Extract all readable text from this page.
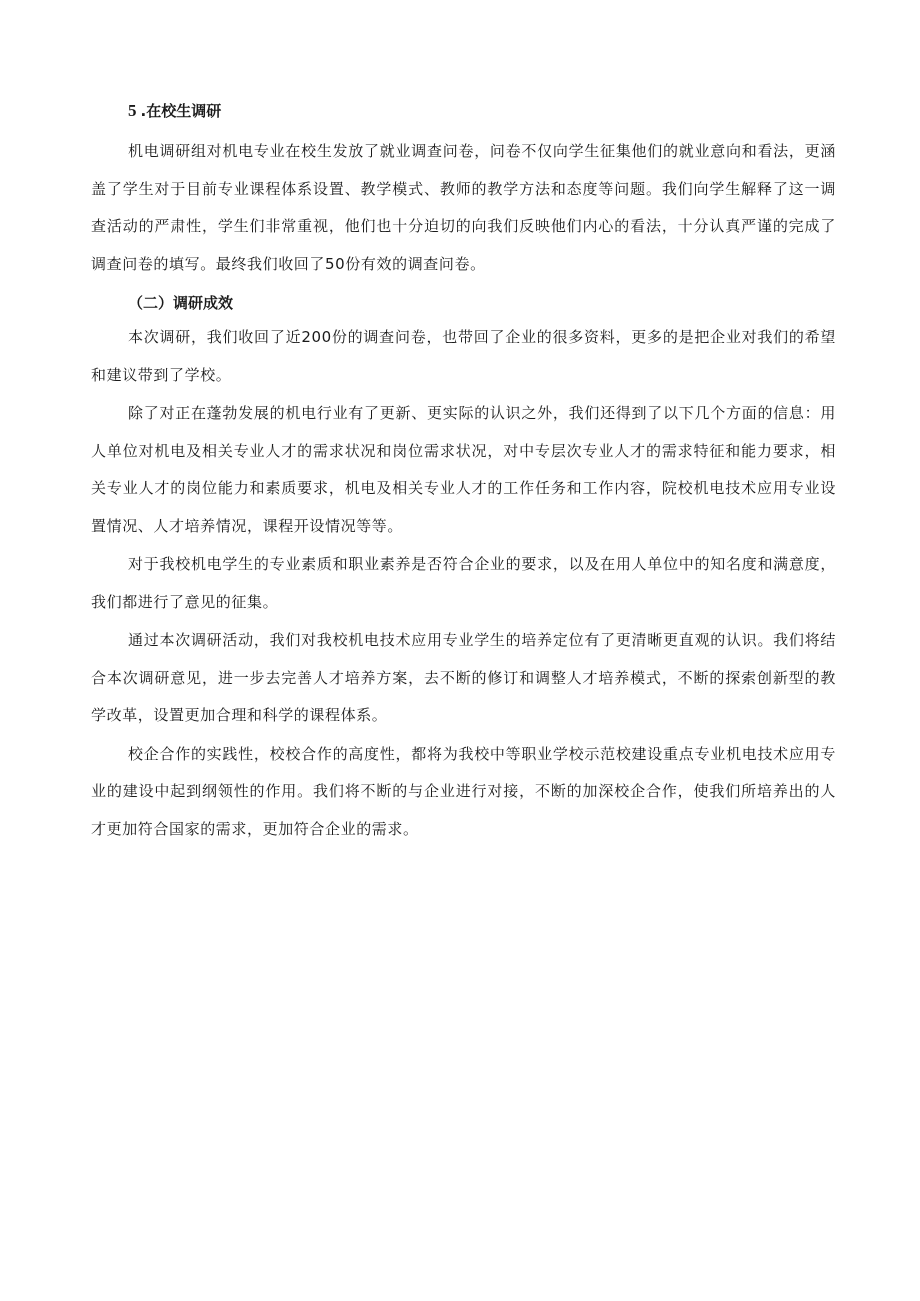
5 .在校生调研

机电调研组对机电专业在校生发放了就业调查问卷，问卷不仅向学生征集他们的就业意向和看法，更涵盖了学生对于目前专业课程体系设置、教学模式、教师的教学方法和态度等问题。我们向学生解释了这一调查活动的严肃性，学生们非常重视，他们也十分迫切的向我们反映他们内心的看法，十分认真严谨的完成了调查问卷的填写。最终我们收回了50份有效的调查问卷。

（二）调研成效

本次调研，我们收回了近200份的调查问卷，也带回了企业的很多资料，更多的是把企业对我们的希望和建议带到了学校。

除了对正在蓬勃发展的机电行业有了更新、更实际的认识之外，我们还得到了以下几个方面的信息：用人单位对机电及相关专业人才的需求状况和岗位需求状况，对中专层次专业人才的需求特征和能力要求，相关专业人才的岗位能力和素质要求，机电及相关专业人才的工作任务和工作内容，院校机电技术应用专业设置情况、人才培养情况，课程开设情况等等。

对于我校机电学生的专业素质和职业素养是否符合企业的要求，以及在用人单位中的知名度和满意度，我们都进行了意见的征集。

通过本次调研活动，我们对我校机电技术应用专业学生的培养定位有了更清晰更直观的认识。我们将结合本次调研意见，进一步去完善人才培养方案，去不断的修订和调整人才培养模式，不断的探索创新型的教学改革，设置更加合理和科学的课程体系。

校企合作的实践性，校校合作的高度性，都将为我校中等职业学校示范校建设重点专业机电技术应用专业的建设中起到纲领性的作用。我们将不断的与企业进行对接，不断的加深校企合作，使我们所培养出的人才更加符合国家的需求，更加符合企业的需求。
